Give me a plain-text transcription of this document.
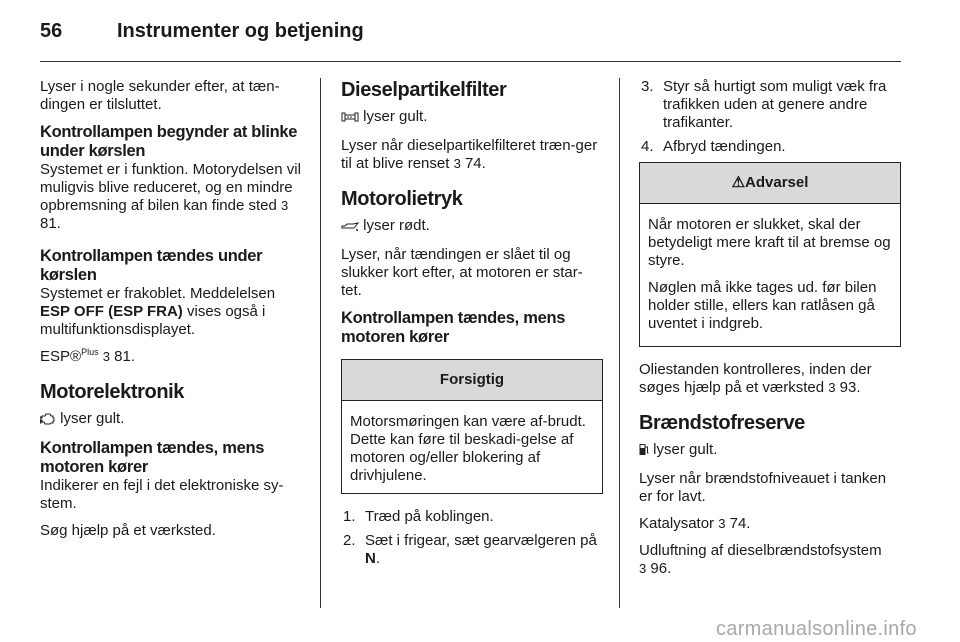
56	Instrumenter og betjening

Lyser i nogle sekunder efter, at tæn-dingen er tilsluttet.

Kontrollampen begynder at blinke under kørslen

Systemet er i funktion. Motorydelsen vil muligvis blive reduceret, og en mindre opbremsning af bilen kan finde sted 3 81.

Kontrollampen tændes under kørslen

Systemet er frakoblet. Meddelelsen ESP OFF (ESP FRA) vises også i multifunktionsdisplayet.

ESP®$^{Plus}$ 3 81.

Motorelektronik

lyser gult.

Kontrollampen tændes, mens motoren kører

Indikerer en fejl i det elektroniske sy-stem.

Søg hjælp på et værksted.

Dieselpartikelfilter

lyser gult.

Lyser når dieselpartikelfilteret træn-ger til at blive renset 3 74.

Motorolietryk

lyser rødt.

Lyser, når tændingen er slået til og slukker kort efter, at motoren er star-tet.

Kontrollampen tændes, mens motoren kører
Forsigtig

Motorsmøringen kan være af-brudt. Dette kan føre til beskadi-gelse af motoren og/eller blokering af drivhjulene.

1. Træd på koblingen.
2. Sæt i frigear, sæt gearvælgeren på N.
3. Styr så hurtigt som muligt væk fra trafikken uden at genere andre trafikanter.
4. Afbryd tændingen.
⚠Advarsel

Når motoren er slukket, skal der betydeligt mere kraft til at bremse og styre.

Nøglen må ikke tages ud. før bilen holder stille, ellers kan ratlåsen gå uventet i indgreb.

Oliestanden kontrolleres, inden der søges hjælp på et værksted 3 93.

Brændstofreserve

lyser gult.

Lyser når brændstofniveauet i tanken er for lavt.

Katalysator 3 74.

Udluftning af dieselbrændstofsystem
3 96.

carmanualsonline.info
